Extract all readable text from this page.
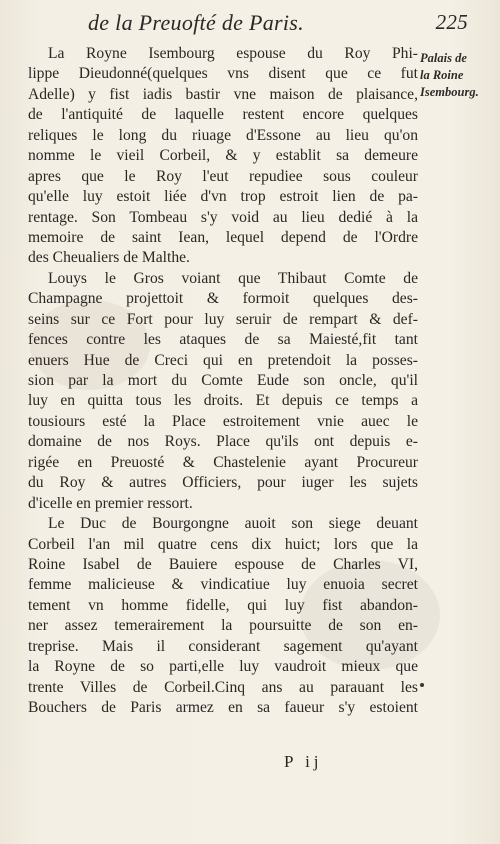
de la Preuofté de Paris.	225
Palais de
la Roine
Isembourg.
La Royne Isembourg espouse du Roy Phi-
lippe Dieudonné(quelques vns disent que ce fut
Adelle) y fist iadis bastir vne maison de plaisance,
de l'antiquité de laquelle restent encore quelques
reliques le long du riuage d'Essone au lieu qu'on
nomme le vieil Corbeil, & y establit sa demeure
apres que le Roy l'eut repudiee sous couleur
qu'elle luy estoit liée d'vn trop estroit lien de pa-
rentage. Son Tombeau s'y void au lieu dedié à la
memoire de saint Iean, lequel depend de l'Ordre
des Cheualiers de Malthe.
Louys le Gros voiant que Thibaut Comte de
Champagne projettoit & formoit quelques des-
seins sur ce Fort pour luy seruir de rempart & def-
fences contre les ataques de sa Maiesté,fit tant
enuers Hue de Creci qui en pretendoit la posses-
sion par la mort du Comte Eude son oncle, qu'il
luy en quitta tous les droits. Et depuis ce temps a
tousiours esté la Place estroitement vnie auec le
domaine de nos Roys. Place qu'ils ont depuis e-
rigée en Preuosté & Chastelenie ayant Procureur
du Roy & autres Officiers, pour iuger les sujets
d'icelle en premier ressort.
Le Duc de Bourgongne auoit son siege deuant
Corbeil l'an mil quatre cens dix huict; lors que la
Roine Isabel de Bauiere espouse de Charles VI,
femme malicieuse & vindicatiue luy enuoia secret
tement vn homme fidelle, qui luy fist abandon-
ner assez temerairement la poursuitte de son en-
treprise. Mais il considerant sagement qu'ayant
la Royne de so parti,elle luy vaudroit mieux que
trente Villes de Corbeil.Cinq ans au parauant les
Bouchers de Paris armez en sa faueur s'y estoient
P ij
